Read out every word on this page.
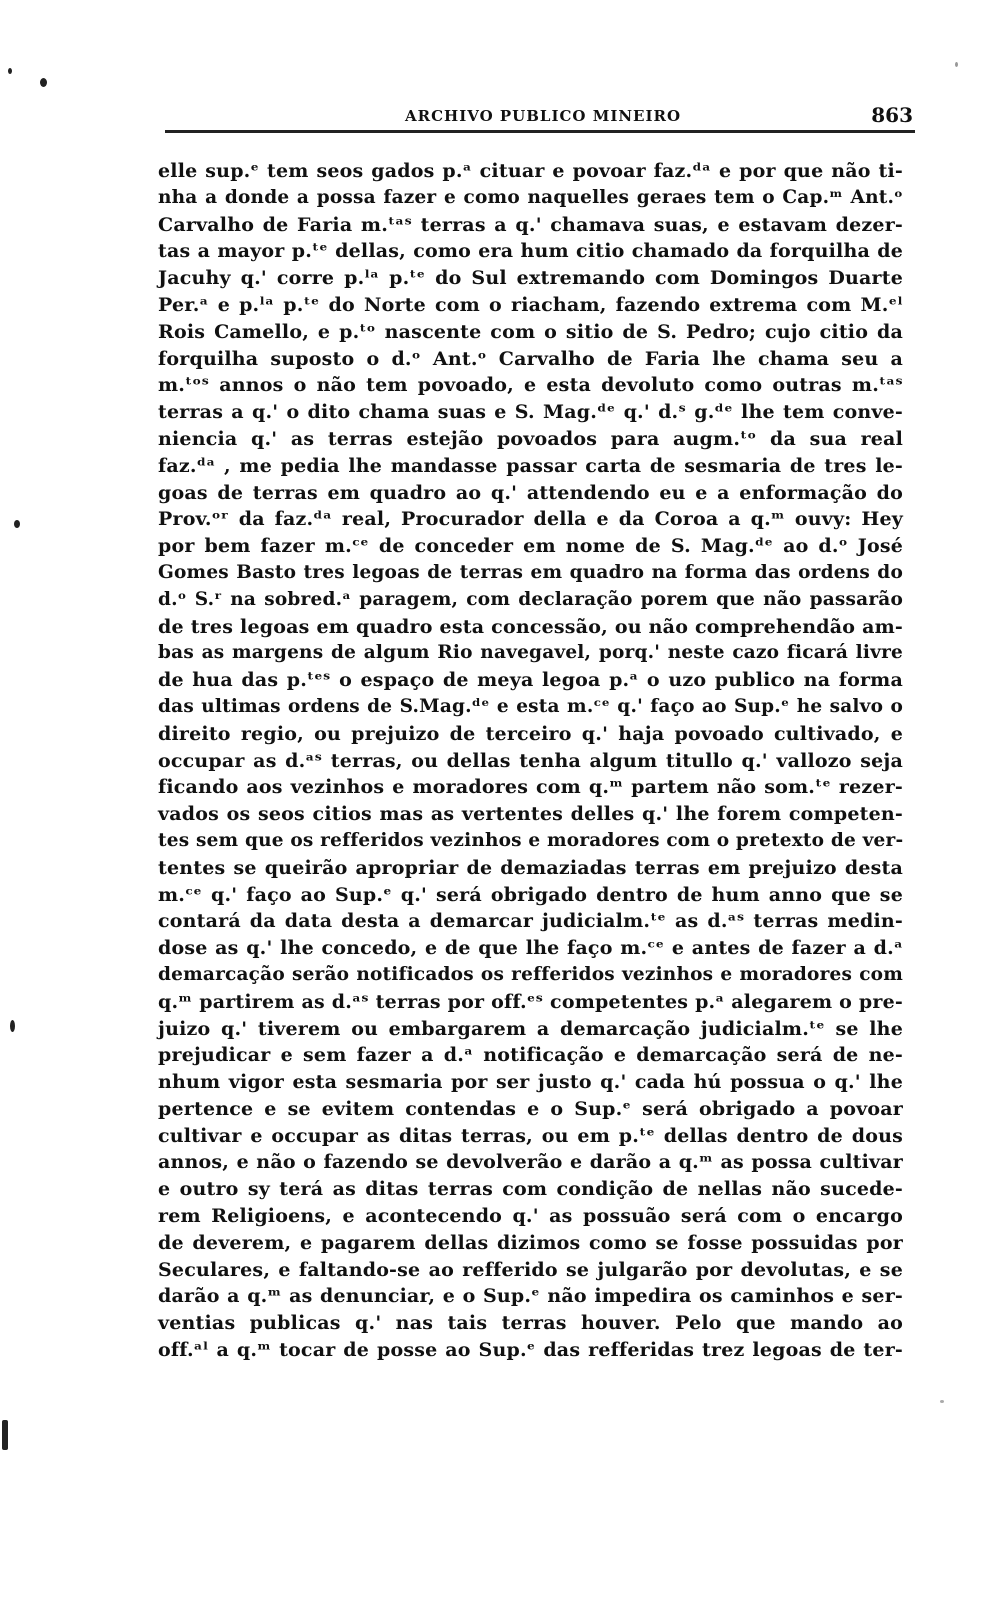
ARCHIVO PUBLICO MINEIRO	863
elle sup.ᵉ tem seos gados p.ᵃ cituar e povoar faz.ᵈᵃ e por que não ti-
nha a donde a possa fazer e como naquelles geraes tem o Cap.ᵐ Ant.ᵒ
Carvalho de Faria m.ᵗᵃˢ terras a q.' chamava suas, e estavam dezer-
tas a mayor p.ᵗᵉ dellas, como era hum citio chamado da forquilha de
Jacuhy q.' corre p.ˡᵃ p.ᵗᵉ do Sul extremando com Domingos Duarte
Per.ᵃ e p.ˡᵃ p.ᵗᵉ do Norte com o riacham, fazendo extrema com M.ᵉˡ
Rois Camello, e p.ᵗᵒ nascente com o sitio de S. Pedro; cujo citio da
forquilha suposto o d.ᵒ Ant.ᵒ Carvalho de Faria lhe chama seu a
m.ᵗᵒˢ annos o não tem povoado, e esta devoluto como outras m.ᵗᵃˢ
terras a q.' o dito chama suas e S. Mag.ᵈᵉ q.' d.ˢ g.ᵈᵉ lhe tem conve-
niencia q.' as terras estejão povoados para augm.ᵗᵒ da sua real
faz.ᵈᵃ , me pedia lhe mandasse passar carta de sesmaria de tres le-
goas de terras em quadro ao q.' attendendo eu e a enformação do
Prov.ᵒʳ da faz.ᵈᵃ real, Procurador della e da Coroa a q.ᵐ ouvy: Hey
por bem fazer m.ᶜᵉ de conceder em nome de S. Mag.ᵈᵉ ao d.ᵒ José
Gomes Basto tres legoas de terras em quadro na forma das ordens do
d.ᵒ S.ʳ na sobred.ᵃ paragem, com declaração porem que não passarão
de tres legoas em quadro esta concessão, ou não comprehendão am-
bas as margens de algum Rio navegavel, porq.' neste cazo ficará livre
de hua das p.ᵗᵉˢ o espaço de meya legoa p.ᵃ o uzo publico na forma
das ultimas ordens de S.Mag.ᵈᵉ e esta m.ᶜᵉ q.' faço ao Sup.ᵉ he salvo o
direito regio, ou prejuizo de terceiro q.' haja povoado cultivado, e
occupar as d.ᵃˢ terras, ou dellas tenha algum titullo q.' vallozo seja
ficando aos vezinhos e moradores com q.ᵐ partem não som.ᵗᵉ rezer-
vados os seos citios mas as vertentes delles q.' lhe forem competen-
tes sem que os refferidos vezinhos e moradores com o pretexto de ver-
tentes se queirão apropriar de demaziadas terras em prejuizo desta
m.ᶜᵉ q.' faço ao Sup.ᵉ q.' será obrigado dentro de hum anno que se
contará da data desta a demarcar judicialm.ᵗᵉ as d.ᵃˢ terras medin-
dose as q.' lhe concedo, e de que lhe faço m.ᶜᵉ e antes de fazer a d.ᵃ
demarcação serão notificados os refferidos vezinhos e moradores com
q.ᵐ partirem as d.ᵃˢ terras por off.ᵉˢ competentes p.ᵃ alegarem o pre-
juizo q.' tiverem ou embargarem a demarcação judicialm.ᵗᵉ se lhe
prejudicar e sem fazer a d.ᵃ notificação e demarcação será de ne-
nhum vigor esta sesmaria por ser justo q.' cada hú possua o q.' lhe
pertence e se evitem contendas e o Sup.ᵉ será obrigado a povoar
cultivar e occupar as ditas terras, ou em p.ᵗᵉ dellas dentro de dous
annos, e não o fazendo se devolverão e darão a q.ᵐ as possa cultivar
e outro sy terá as ditas terras com condição de nellas não sucede-
rem Religioens, e acontecendo q.' as possuão será com o encargo
de deverem, e pagarem dellas dizimos como se fosse possuidas por
Seculares, e faltando-se ao refferido se julgarão por devolutas, e se
darão a q.ᵐ as denunciar, e o Sup.ᵉ não impedira os caminhos e ser-
ventias publicas q.' nas tais terras houver. Pelo que mando ao
off.ᵃˡ a q.ᵐ tocar de posse ao Sup.ᵉ das refferidas trez legoas de ter-
